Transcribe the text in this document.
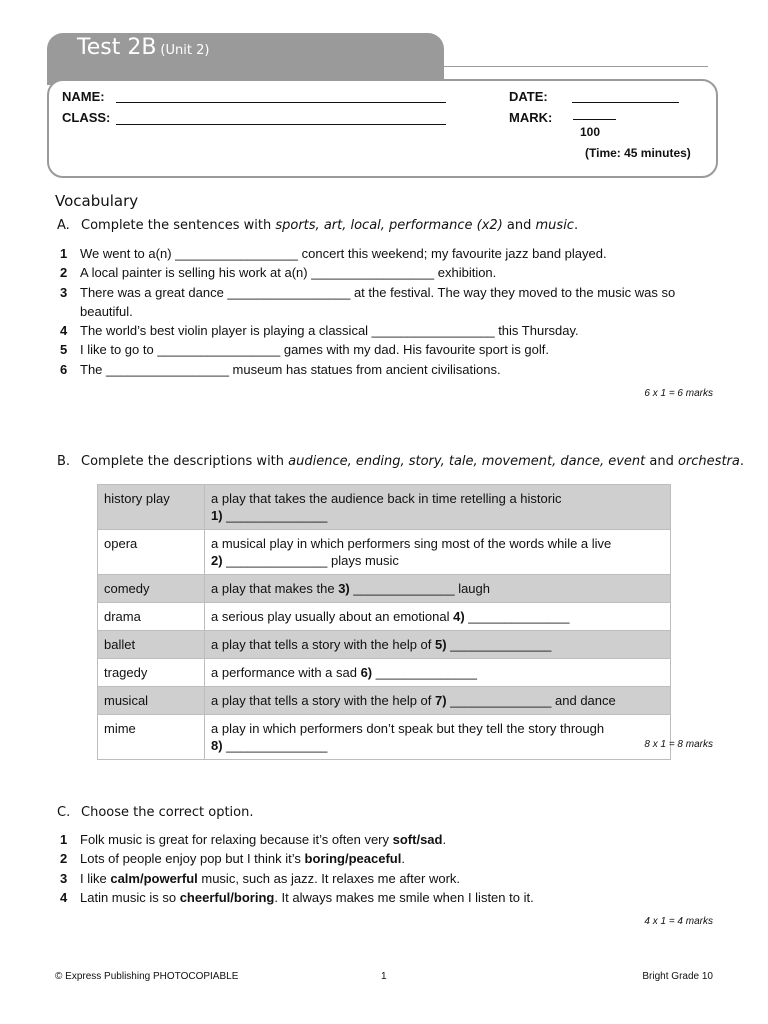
Test 2B (Unit 2)
NAME:
CLASS:
DATE:
MARK:
100
(Time: 45 minutes)
Vocabulary
A. Complete the sentences with sports, art, local, performance (x2) and music.
1 We went to a(n) _________________ concert this weekend; my favourite jazz band played.
2 A local painter is selling his work at a(n) _________________ exhibition.
3 There was a great dance _________________ at the festival. The way they moved to the music was so beautiful.
4 The world’s best violin player is playing a classical _________________ this Thursday.
5 I like to go to _________________ games with my dad. His favourite sport is golf.
6 The _________________ museum has statues from ancient civilisations.
6 x 1 = 6 marks
B. Complete the descriptions with audience, ending, story, tale, movement, dance, event and orchestra.
history play	a play that takes the audience back in time retelling a historic
1) ______________
opera	a musical play in which performers sing most of the words while a live
2) ______________ plays music
comedy	a play that makes the 3) ______________ laugh
drama	a serious play usually about an emotional 4) ______________
ballet	a play that tells a story with the help of 5) ______________
tragedy	a performance with a sad 6) ______________
musical	a play that tells a story with the help of 7) ______________ and dance
mime	a play in which performers don’t speak but they tell the story through
8) ______________	8 x 1 = 8 marks
C. Choose the correct option.
1 Folk music is great for relaxing because it’s often very soft/sad.
2 Lots of people enjoy pop but I think it’s boring/peaceful.
3 I like calm/powerful music, such as jazz. It relaxes me after work.
4 Latin music is so cheerful/boring. It always makes me smile when I listen to it.
4 x 1 = 4 marks
© Express Publishing PHOTOCOPIABLE	1	Bright Grade 10
